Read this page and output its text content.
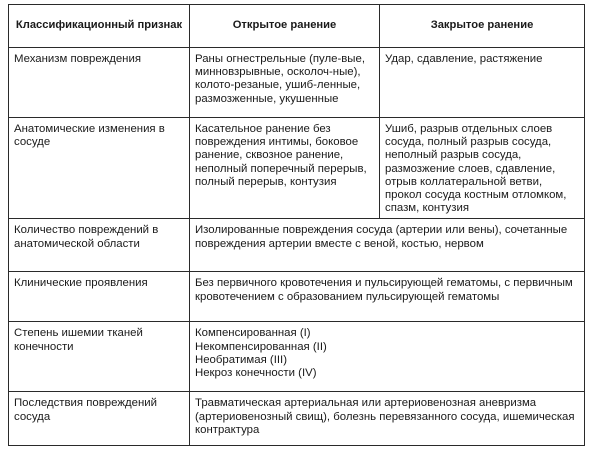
Классификационный признак	Открытое ранение	Закрытое ранение
Механизм повреждения	Раны огнестрельные (пуле-вые, минновзрывные, осколоч-ные), колото-резаные, ушиб-ленные, размозженные, укушенные	Удар, сдавление, растяжение
Анатомические изменения в сосуде	Касательное ранение без повреждения интимы, боковое ранение, сквозное ранение, неполный поперечный перерыв, полный перерыв, контузия	Ушиб, разрыв отдельных слоев сосуда, полный разрыв сосуда, неполный разрыв сосуда, размозжение слоев, сдавление, отрыв коллатеральной ветви, прокол сосуда костным отломком, спазм, контузия
Количество повреждений в анатомической области	Изолированные повреждения сосуда (артерии или вены), сочетанные повреждения артерии вместе с веной, костью, нервом	
Клинические проявления	Без первичного кровотечения и пульсирующей гематомы, с первичным кровотечением с образованием пульсирующей гематомы	
Степень ишемии тканей конечности	Компенсированная (I)
Некомпенсированная (II)
Необратимая (III)
Некроз конечности (IV)	

Последствия повреждений сосуда	Травматическая артериальная или артериовенозная аневризма (артериовенозный свищ), болезнь перевязанного сосуда, ишемическая контрактура	
